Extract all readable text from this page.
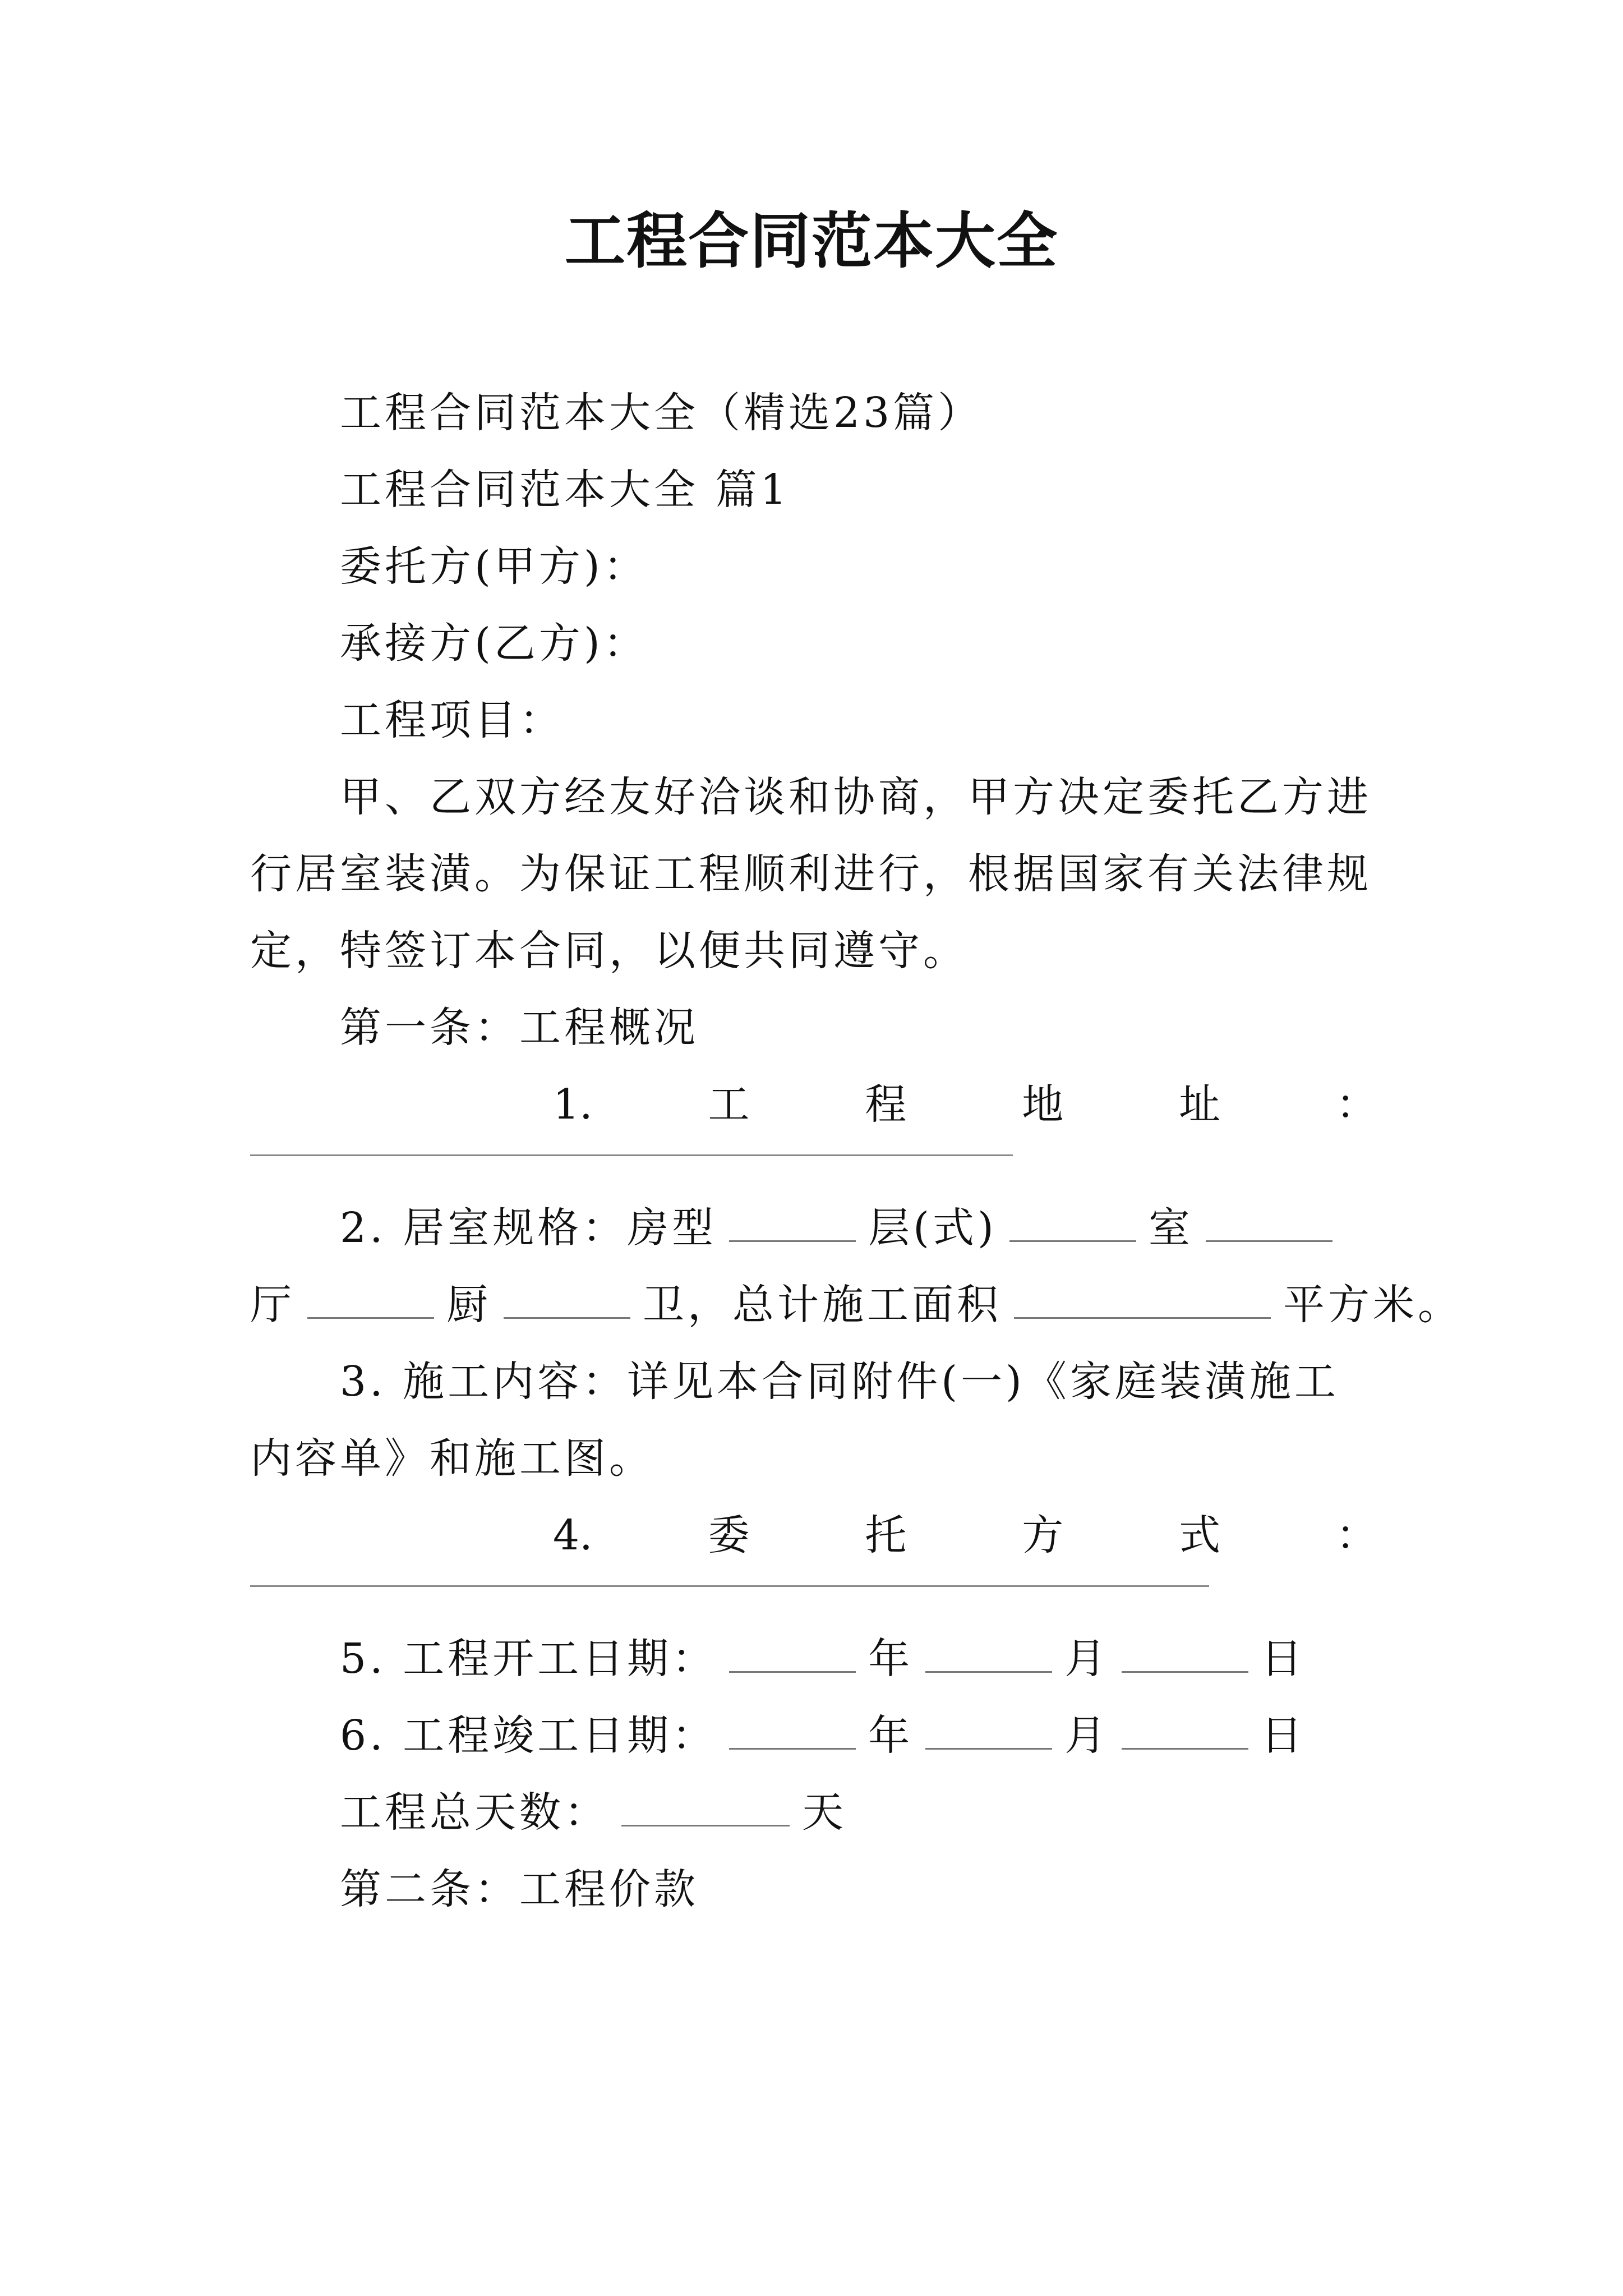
工程合同范本大全

工程合同范本大全（精选23篇）

工程合同范本大全 篇1

委托方(甲方)：

承接方(乙方)：

工程项目：

甲、乙双方经友好洽谈和协商，甲方决定委托乙方进行居室装潢。为保证工程顺利进行，根据国家有关法律规定，特签订本合同，以便共同遵守。

第一条：工程概况

1.	工	程	地	址	：

2. 居室规格：房型	层(式)	室

厅	厨	卫，总计施工面积	平方米。

3. 施工内容：详见本合同附件(一)《家庭装潢施工内容单》和施工图。

4.	委	托	方	式	：

5. 工程开工日期：	年	月	日

6. 工程竣工日期：	年	月	日

工程总天数：	天

第二条：工程价款
